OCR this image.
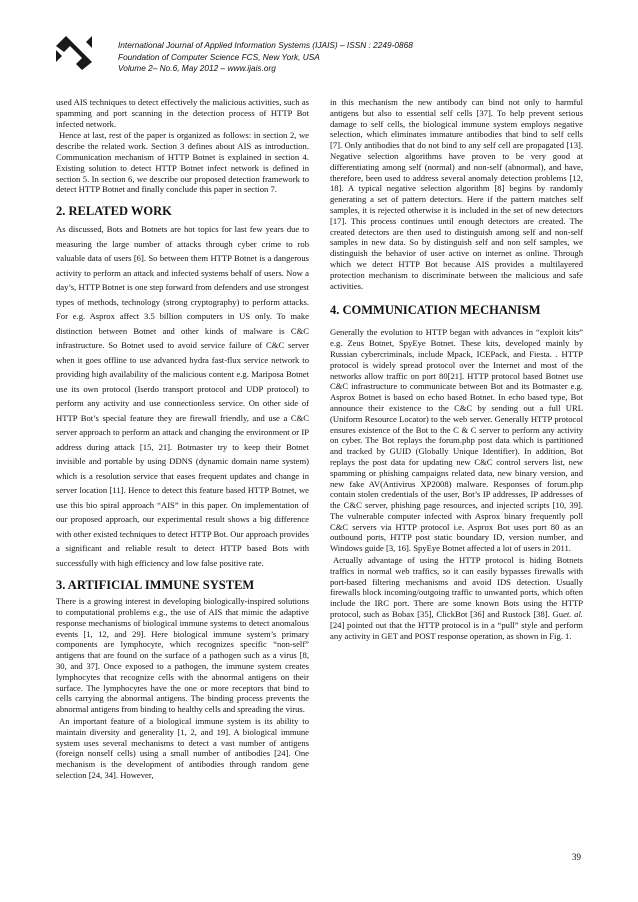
International Journal of Applied Information Systems (IJAIS) – ISSN : 2249-0868
Foundation of Computer Science FCS, New York, USA
Volume 2– No.6, May 2012 – www.ijais.org

used AIS techniques to detect effectively the malicious activities, such as spamming and port scanning in the detection process of HTTP Bot infected network.

Hence at last, rest of the paper is organized as follows: in section 2, we describe the related work. Section 3 defines about AIS as introduction. Communication mechanism of HTTP Botnet is explained in section 4. Existing solution to detect HTTP Botnet infect network is defined in section 5. In section 6, we describe our proposed detection framework to detect HTTP Botnet and finally conclude this paper in section 7.

2. RELATED WORK

As discussed, Bots and Botnets are hot topics for last few years due to measuring the large number of attacks through cyber crime to rob valuable data of users [6]. So between them HTTP Botnet is a dangerous activity to perform an attack and infected systems behalf of users. Now a day’s, HTTP Botnet is one step forward from defenders and use strongest types of methods, technology (strong cryptography) to perform attacks. For e.g. Asprox affect 3.5 billion computers in US only. To make distinction between Botnet and other kinds of malware is C&C infrastructure. So Botnet used to avoid service failure of C&C server when it goes offline to use advanced hydra fast-flux service network to providing high availability of the malicious content e.g. Mariposa Botnet use its own protocol (Iserdo transport protocol and UDP protocol) to perform any activity and use connectionless service. On other side of HTTP Bot’s special feature they are firewall friendly, and use a C&C server approach to perform an attack and changing the environment or IP address during attack [15, 21]. Botmaster try to keep their Botnet invisible and portable by using DDNS (dynamic domain name system) which is a resolution service that eases frequent updates and change in server location [11]. Hence to detect this feature based HTTP Botnet, we use this bio spiral approach “AIS” in this paper. On implementation of our proposed approach, our experimental result shows a big difference with other existed techniques to detect HTTP Bot. Our approach provides a significant and reliable result to detect HTTP based Bots with successfully with high efficiency and low false positive rate.

3. ARTIFICIAL IMMUNE SYSTEM

There is a growing interest in developing biologically-inspired solutions to computational problems e.g., the use of AIS that mimic the adaptive response mechanisms of biological immune systems to detect anomalous events [1, 12, and 29]. Here biological immune system’s primary components are lymphocyte, which recognizes specific “non-self” antigens that are found on the surface of a pathogen such as a virus [8, 30, and 37]. Once exposed to a pathogen, the immune system creates lymphocytes that recognize cells with the abnormal antigens on their surface. The lymphocytes have the one or more receptors that bind to cells carrying the abnormal antigens. The binding process prevents the abnormal antigens from binding to healthy cells and spreading the virus.

An important feature of a biological immune system is its ability to maintain diversity and generality [1, 2, and 19]. A biological immune system uses several mechanisms to detect a vast number of antigens (foreign nonself cells) using a small number of antibodies [24]. One mechanism is the development of antibodies through random gene selection [24, 34]. However,

in this mechanism the new antibody can bind not only to harmful antigens but also to essential self cells [37]. To help prevent serious damage to self cells, the biological immune system employs negative selection, which eliminates immature antibodies that bind to self cells [7]. Only antibodies that do not bind to any self cell are propagated [13]. Negative selection algorithms have proven to be very good at differentiating among self (normal) and non-self (abnormal), and have, therefore, been used to address several anomaly detection problems [12, 18]. A typical negative selection algorithm [8] begins by randomly generating a set of pattern detectors. Here if the pattern matches self samples, it is rejected otherwise it is included in the set of new detectors [17]. This process continues until enough detectors are created. The created detectors are then used to distinguish among self and non-self samples in new data. So by distinguish self and non self samples, we distinguish the behavior of user active on internet as online. Through which we detect HTTP Bot because AIS provides a multilayered protection mechanism to discriminate between the malicious and safe activities.

4. COMMUNICATION MECHANISM

Generally the evolution to HTTP began with advances in “exploit kits” e.g. Zeus Botnet, SpyEye Botnet. These kits, developed mainly by Russian cybercriminals, include Mpack, ICEPack, and Fiesta. . HTTP protocol is widely spread protocol over the Internet and most of the networks allow traffic on port 80[21]. HTTP protocol based Botnet use C&C infrastructure to communicate between Bot and its Botmaster e.g. Asprox Botnet is based on echo based Botnet. In echo based type, Bot announce their existence to the C&C by sending out a full URL (Uniform Resource Locator) to the web server. Generally HTTP protocol ensures existence of the Bot to the C & C server to perform any activity on cyber. The Bot replays the forum.php post data which is partitioned and tracked by GUID (Globally Unique Identifier). In addition, Bot replays the post data for updating new C&C control servers list, new spamming or phishing campaigns related data, new binary version, and new fake AV(Antivirus XP2008) malware. Responses of forum.php contain stolen credentials of the user, Bot’s IP addresses, IP addresses of the C&C server, phishing page resources, and injected scripts [10, 39]. The vulnerable computer infected with Asprox binary frequently poll C&C servers via HTTP protocol i.e. Asprox Bot uses port 80 as an outbound ports, HTTP post static boundary ID, version number, and Windows guide [3, 16]. SpyEye Botnet affected a lot of users in 2011.

Actually advantage of using the HTTP protocol is hiding Botnets traffics in normal web traffics, so it can easily bypasses firewalls with port-based filtering mechanisms and avoid IDS detection. Usually firewalls block incoming/outgoing traffic to unwanted ports, which often include the IRC port. There are some known Bots using the HTTP protocol, such as Bobax [35], ClickBot [36] and Rustock [38]. Guet. al. [24] pointed out that the HTTP protocol is in a “pull” style and perform any activity in GET and POST response operation, as shown in Fig. 1.

39
